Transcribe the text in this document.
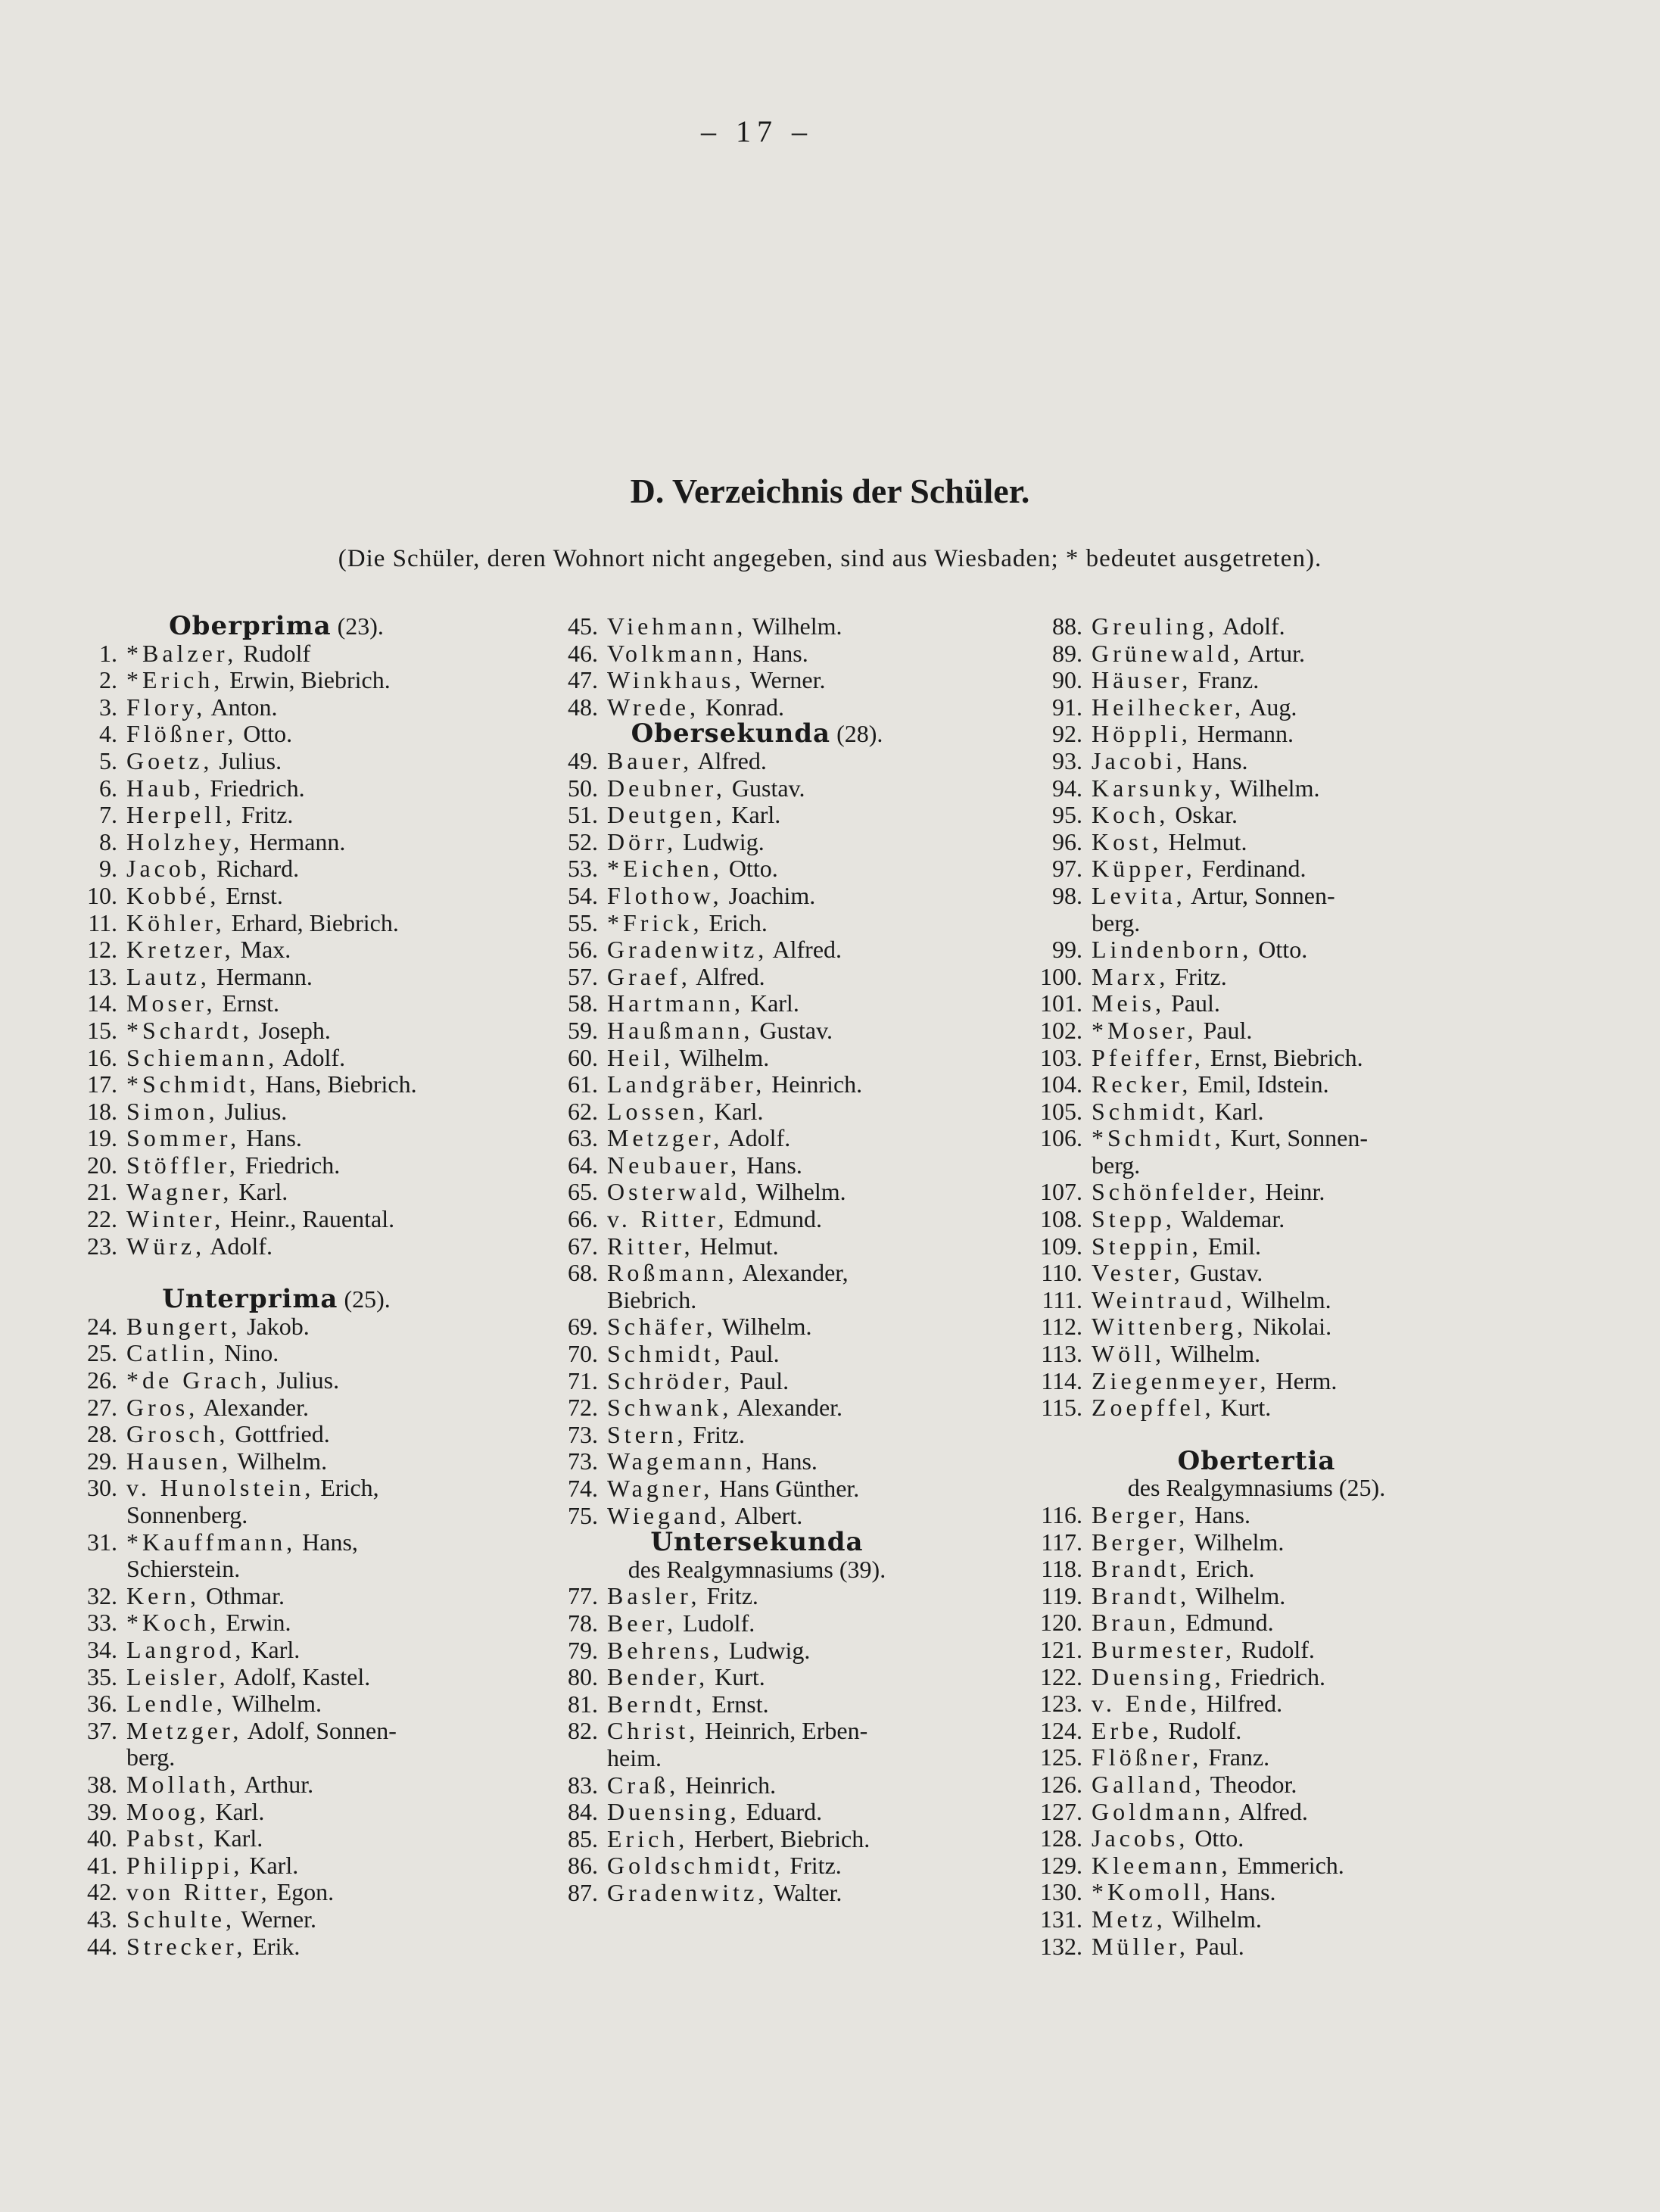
– 17 –
D. Verzeichnis der Schüler.
(Die Schüler, deren Wohnort nicht angegeben, sind aus Wiesbaden; * bedeutet ausgetreten).
Oberprima (23).
1. *Balzer, Rudolf
2. *Erich, Erwin, Biebrich.
3. Flory, Anton.
4. Flößner, Otto.
5. Goetz, Julius.
6. Haub, Friedrich.
7. Herpell, Fritz.
8. Holzhey, Hermann.
9. Jacob, Richard.
10. Kobbé, Ernst.
11. Köhler, Erhard, Biebrich.
12. Kretzer, Max.
13. Lautz, Hermann.
14. Moser, Ernst.
15. *Schardt, Joseph.
16. Schiemann, Adolf.
17. *Schmidt, Hans, Biebrich.
18. Simon, Julius.
19. Sommer, Hans.
20. Stöffler, Friedrich.
21. Wagner, Karl.
22. Winter, Heinr., Rauental.
23. Würz, Adolf.
Unterprima (25).
24. Bungert, Jakob.
25. Catlin, Nino.
26. *de Grach, Julius.
27. Gros, Alexander.
28. Grosch, Gottfried.
29. Hausen, Wilhelm.
30. v. Hunolstein, Erich,
Sonnenberg.
31. *Kauffmann, Hans,
Schierstein.
32. Kern, Othmar.
33. *Koch, Erwin.
34. Langrod, Karl.
35. Leisler, Adolf, Kastel.
36. Lendle, Wilhelm.
37. Metzger, Adolf, Sonnen-
berg.
38. Mollath, Arthur.
39. Moog, Karl.
40. Pabst, Karl.
41. Philippi, Karl.
42. von Ritter, Egon.
43. Schulte, Werner.
44. Strecker, Erik.
45. Viehmann, Wilhelm.
46. Volkmann, Hans.
47. Winkhaus, Werner.
48. Wrede, Konrad.
Obersekunda (28).
49. Bauer, Alfred.
50. Deubner, Gustav.
51. Deutgen, Karl.
52. Dörr, Ludwig.
53. *Eichen, Otto.
54. Flothow, Joachim.
55. *Frick, Erich.
56. Gradenwitz, Alfred.
57. Graef, Alfred.
58. Hartmann, Karl.
59. Haußmann, Gustav.
60. Heil, Wilhelm.
61. Landgräber, Heinrich.
62. Lossen, Karl.
63. Metzger, Adolf.
64. Neubauer, Hans.
65. Osterwald, Wilhelm.
66. v. Ritter, Edmund.
67. Ritter, Helmut.
68. Roßmann, Alexander,
Biebrich.
69. Schäfer, Wilhelm.
70. Schmidt, Paul.
71. Schröder, Paul.
72. Schwank, Alexander.
73. Stern, Fritz.
73. Wagemann, Hans.
74. Wagner, Hans Günther.
75. Wiegand, Albert.
Untersekunda
des Realgymnasiums (39).
77. Basler, Fritz.
78. Beer, Ludolf.
79. Behrens, Ludwig.
80. Bender, Kurt.
81. Berndt, Ernst.
82. Christ, Heinrich, Erben-
heim.
83. Craß, Heinrich.
84. Duensing, Eduard.
85. Erich, Herbert, Biebrich.
86. Goldschmidt, Fritz.
87. Gradenwitz, Walter.
88. Greuling, Adolf.
89. Grünewald, Artur.
90. Häuser, Franz.
91. Heilhecker, Aug.
92. Höppli, Hermann.
93. Jacobi, Hans.
94. Karsunky, Wilhelm.
95. Koch, Oskar.
96. Kost, Helmut.
97. Küpper, Ferdinand.
98. Levita, Artur, Sonnen-
berg.
99. Lindenborn, Otto.
100. Marx, Fritz.
101. Meis, Paul.
102. *Moser, Paul.
103. Pfeiffer, Ernst, Biebrich.
104. Recker, Emil, Idstein.
105. Schmidt, Karl.
106. *Schmidt, Kurt, Sonnen-
berg.
107. Schönfelder, Heinr.
108. Stepp, Waldemar.
109. Steppin, Emil.
110. Vester, Gustav.
111. Weintraud, Wilhelm.
112. Wittenberg, Nikolai.
113. Wöll, Wilhelm.
114. Ziegenmeyer, Herm.
115. Zoepffel, Kurt.
Obertertia
des Realgymnasiums (25).
116. Berger, Hans.
117. Berger, Wilhelm.
118. Brandt, Erich.
119. Brandt, Wilhelm.
120. Braun, Edmund.
121. Burmester, Rudolf.
122. Duensing, Friedrich.
123. v. Ende, Hilfred.
124. Erbe, Rudolf.
125. Flößner, Franz.
126. Galland, Theodor.
127. Goldmann, Alfred.
128. Jacobs, Otto.
129. Kleemann, Emmerich.
130. *Komoll, Hans.
131. Metz, Wilhelm.
132. Müller, Paul.
